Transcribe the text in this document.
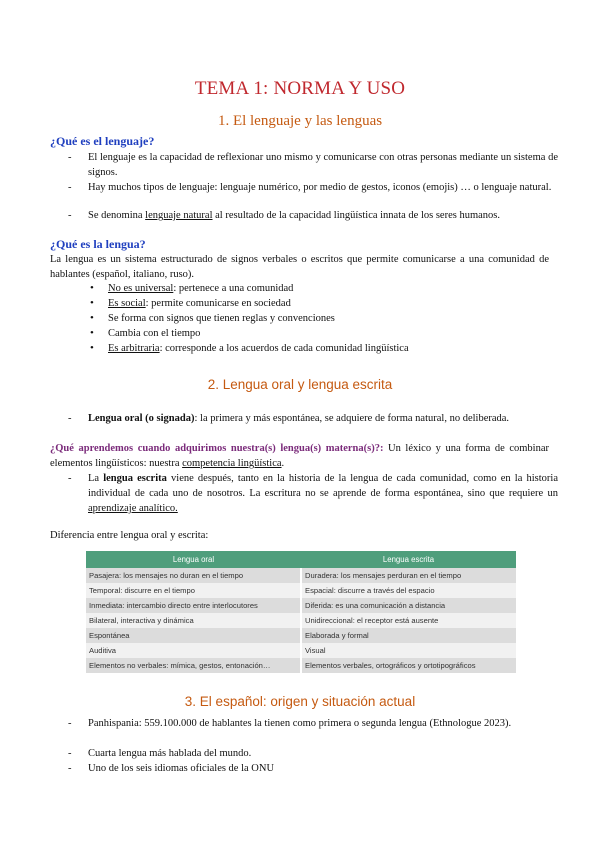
TEMA 1: NORMA Y USO
1. El lenguaje y las lenguas
¿Qué es el lenguaje?
- El lenguaje es la capacidad de reflexionar uno mismo y comunicarse con otras personas mediante un sistema de signos.
- Hay muchos tipos de lenguaje: lenguaje numérico, por medio de gestos, iconos (emojis) … o lenguaje natural.
- Se denomina lenguaje natural al resultado de la capacidad lingüística innata de los seres humanos.
¿Qué es la lengua?
La lengua es un sistema estructurado de signos verbales o escritos que permite comunicarse a una comunidad de hablantes (español, italiano, ruso).
• No es universal: pertenece a una comunidad
• Es social: permite comunicarse en sociedad
• Se forma con signos que tienen reglas y convenciones
• Cambia con el tiempo
• Es arbitraria: corresponde a los acuerdos de cada comunidad lingüística
2. Lengua oral y lengua escrita
- Lengua oral (o signada): la primera y más espontánea, se adquiere de forma natural, no deliberada.
¿Qué aprendemos cuando adquirimos nuestra(s) lengua(s) materna(s)?: Un léxico y una forma de combinar elementos lingüísticos: nuestra competencia lingüística.
- La lengua escrita viene después, tanto en la historia de la lengua de cada comunidad, como en la historia individual de cada uno de nosotros. La escritura no se aprende de forma espontánea, sino que requiere un aprendizaje analítico.
Diferencia entre lengua oral y escrita:
Lengua oral	Lengua escrita
Pasajera: los mensajes no duran en el tiempo	Duradera: los mensajes perduran en el tiempo
Temporal: discurre en el tiempo	Espacial: discurre a través del espacio
Inmediata: intercambio directo entre interlocutores	Diferida: es una comunicación a distancia
Bilateral, interactiva y dinámica	Unidireccional: el receptor está ausente
Espontánea	Elaborada y formal
Auditiva	Visual
Elementos no verbales: mímica, gestos, entonación…	Elementos verbales, ortográficos y ortotipográficos
3. El español: origen y situación actual
- Panhispania: 559.100.000 de hablantes la tienen como primera o segunda lengua (Ethnologue 2023).
- Cuarta lengua más hablada del mundo.
- Uno de los seis idiomas oficiales de la ONU
